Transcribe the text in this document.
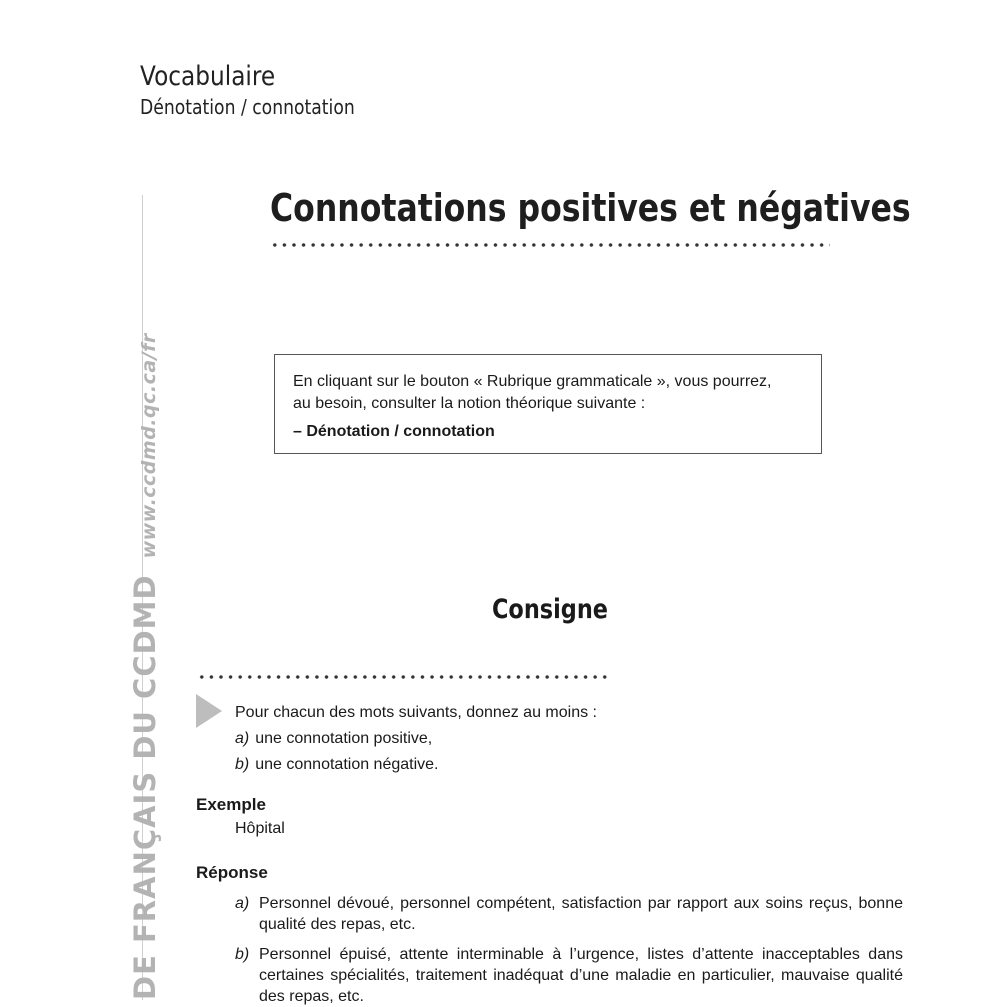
Vocabulaire
Dénotation / connotation
DE FRANÇAIS DU CCDMDwww.ccdmd.qc.ca/fr
Connotations positives et négatives
En cliquant sur le bouton « Rubrique grammaticale », vous pourrez,
au besoin, consulter la notion théorique suivante :
– Dénotation / connotation
Consigne
Pour chacun des mots suivants, donnez au moins :
a) une connotation positive,
b) une connotation négative.
Exemple
Hôpital
Réponse
a) Personnel dévoué, personnel compétent, satisfaction par rapport aux soins reçus, bonne qualité des repas, etc.
b) Personnel épuisé, attente interminable à l’urgence, listes d’attente inacceptables dans certaines spécialités, traitement inadéquat d’une maladie en particulier, mauvaise qualité des repas, etc.
